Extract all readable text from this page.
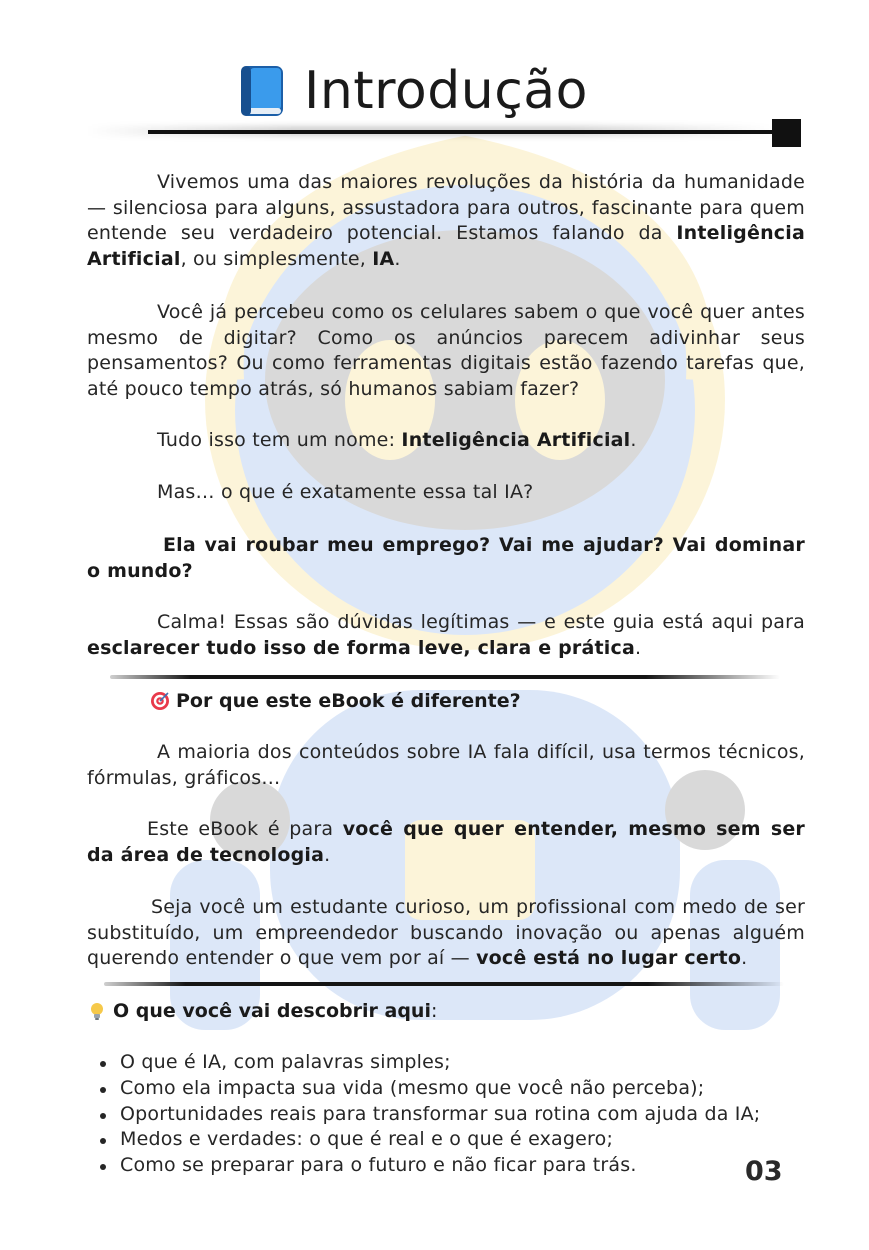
Introdução

Vivemos uma das maiores revoluções da história da humanidade — silenciosa para alguns, assustadora para outros, fascinante para quem entende seu verdadeiro potencial. Estamos falando da Inteligência Artificial, ou simplesmente, IA.

Você já percebeu como os celulares sabem o que você quer antes mesmo de digitar? Como os anúncios parecem adivinhar seus pensamentos? Ou como ferramentas digitais estão fazendo tarefas que, até pouco tempo atrás, só humanos sabiam fazer?

Tudo isso tem um nome: Inteligência Artificial.

Mas… o que é exatamente essa tal IA?

Ela vai roubar meu emprego? Vai me ajudar? Vai dominar o mundo?

Calma! Essas são dúvidas legítimas — e este guia está aqui para esclarecer tudo isso de forma leve, clara e prática.

Por que este eBook é diferente?

A maioria dos conteúdos sobre IA fala difícil, usa termos técnicos, fórmulas, gráficos…

Este eBook é para você que quer entender, mesmo sem ser da área de tecnologia.

Seja você um estudante curioso, um profissional com medo de ser substituído, um empreendedor buscando inovação ou apenas alguém querendo entender o que vem por aí — você está no lugar certo.

O que você vai descobrir aqui:
O que é IA, com palavras simples;
Como ela impacta sua vida (mesmo que você não perceba);
Oportunidades reais para transformar sua rotina com ajuda da IA;
Medos e verdades: o que é real e o que é exagero;
Como se preparar para o futuro e não ficar para trás.	03
